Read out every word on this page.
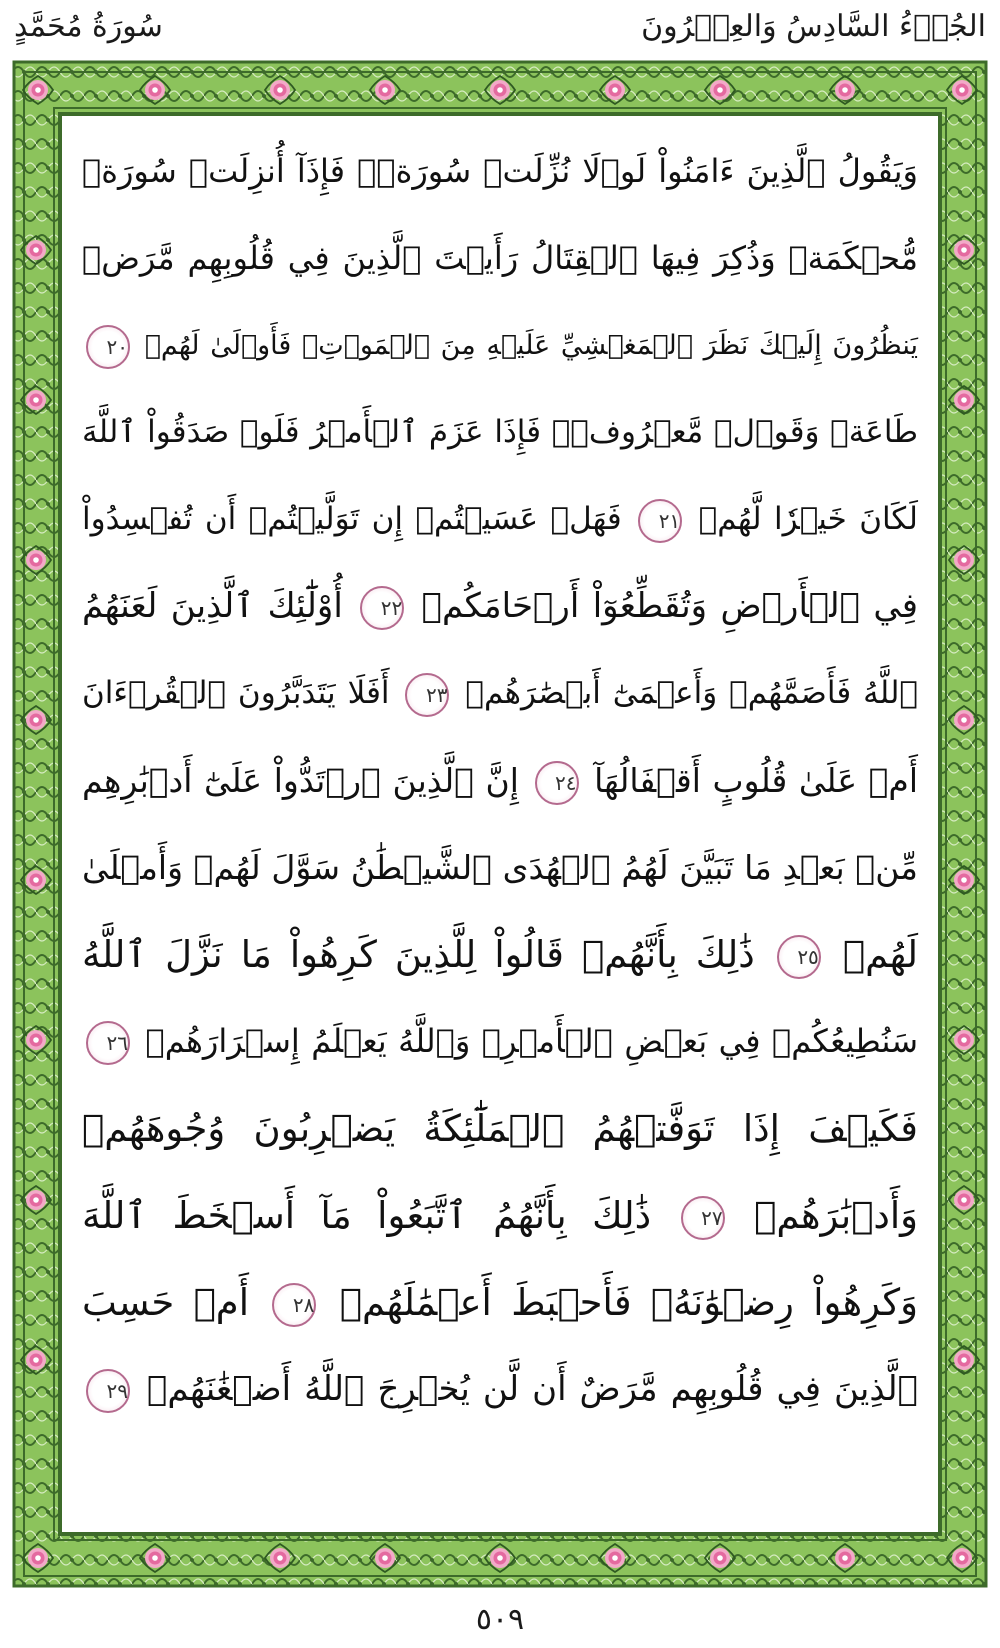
سُورَةُ مُحَمَّدٍ	الجُزۡءُ السَّادِسُ وَالعِشۡرُونَ
وَيَقُولُ ٱلَّذِينَ ءَامَنُواْ لَوۡلَا نُزِّلَتۡ سُورَةٞۖ فَإِذَآ أُنزِلَتۡ سُورَةٞ
مُّحۡكَمَةٞ وَذُكِرَ فِيهَا ٱلۡقِتَالُ رَأَيۡتَ ٱلَّذِينَ فِي قُلُوبِهِم مَّرَضٞ
يَنظُرُونَ إِلَيۡكَ نَظَرَ ٱلۡمَغۡشِيِّ عَلَيۡهِ مِنَ ٱلۡمَوۡتِۖ فَأَوۡلَىٰ لَهُمۡ ٢٠
طَاعَةٞ وَقَوۡلٞ مَّعۡرُوفٞۚ فَإِذَا عَزَمَ ٱلۡأَمۡرُ فَلَوۡ صَدَقُواْ ٱللَّهَ
لَكَانَ خَيۡرٗا لَّهُمۡ ٢١ فَهَلۡ عَسَيۡتُمۡ إِن تَوَلَّيۡتُمۡ أَن تُفۡسِدُواْ
فِي ٱلۡأَرۡضِ وَتُقَطِّعُوٓاْ أَرۡحَامَكُمۡ ٢٢ أُوْلَٰٓئِكَ ٱلَّذِينَ لَعَنَهُمُ
ٱللَّهُ فَأَصَمَّهُمۡ وَأَعۡمَىٰٓ أَبۡصَٰرَهُمۡ ٢٣ أَفَلَا يَتَدَبَّرُونَ ٱلۡقُرۡءَانَ
أَمۡ عَلَىٰ قُلُوبٍ أَقۡفَالُهَآ ٢٤ إِنَّ ٱلَّذِينَ ٱرۡتَدُّواْ عَلَىٰٓ أَدۡبَٰرِهِم
مِّنۢ بَعۡدِ مَا تَبَيَّنَ لَهُمُ ٱلۡهُدَى ٱلشَّيۡطَٰنُ سَوَّلَ لَهُمۡ وَأَمۡلَىٰ
لَهُمۡ ٢٥ ذَٰلِكَ بِأَنَّهُمۡ قَالُواْ لِلَّذِينَ كَرِهُواْ مَا نَزَّلَ ٱللَّهُ
سَنُطِيعُكُمۡ فِي بَعۡضِ ٱلۡأَمۡرِۖ وَٱللَّهُ يَعۡلَمُ إِسۡرَارَهُمۡ ٢٦
فَكَيۡفَ إِذَا تَوَفَّتۡهُمُ ٱلۡمَلَٰٓئِكَةُ يَضۡرِبُونَ وُجُوهَهُمۡ
وَأَدۡبَٰرَهُمۡ ٢٧ ذَٰلِكَ بِأَنَّهُمُ ٱتَّبَعُواْ مَآ أَسۡخَطَ ٱللَّهَ
وَكَرِهُواْ رِضۡوَٰنَهُۥ فَأَحۡبَطَ أَعۡمَٰلَهُمۡ ٢٨ أَمۡ حَسِبَ
ٱلَّذِينَ فِي قُلُوبِهِم مَّرَضٌ أَن لَّن يُخۡرِجَ ٱللَّهُ أَضۡغَٰنَهُمۡ ٢٩
٥٠٩
